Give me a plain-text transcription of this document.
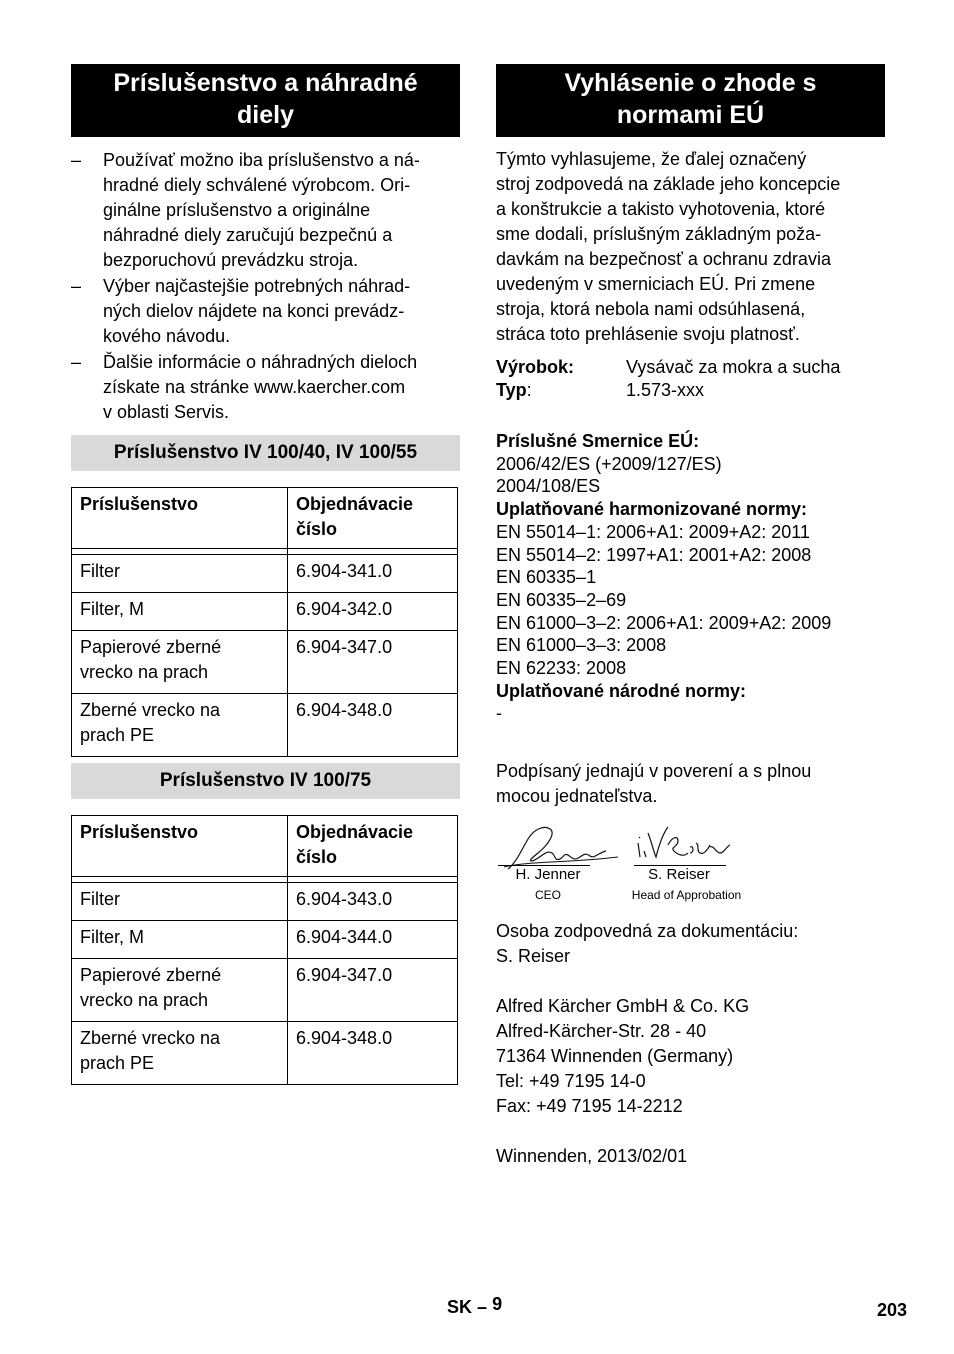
Príslušenstvo a náhradné diely
– Používať možno iba príslušenstvo a ná-
hradné diely schválené výrobcom. Ori-
ginálne príslušenstvo a originálne
náhradné diely zaručujú bezpečnú a
bezporuchovú prevádzku stroja.
– Výber najčastejšie potrebných náhrad-
ných dielov nájdete na konci prevádz-
kového návodu.
– Ďalšie informácie o náhradných dieloch
získate na stránke www.kaercher.com
v oblasti Servis.
Príslušenstvo IV 100/40, IV 100/55
Príslušenstvo	Objednávacie
číslo

Filter	6.904-341.0

Filter, M	6.904-342.0

Papierové zberné
vrecko na prach	6.904-347.0

Zberné vrecko na
prach PE	6.904-348.0
Príslušenstvo IV 100/75
Príslušenstvo	Objednávacie
číslo

Filter	6.904-343.0

Filter, M	6.904-344.0

Papierové zberné
vrecko na prach	6.904-347.0

Zberné vrecko na
prach PE	6.904-348.0
Vyhlásenie o zhode s normami EÚ
Týmto vyhlasujeme, že ďalej označený
stroj zodpovedá na základe jeho koncepcie
a konštrukcie a takisto vyhotovenia, ktoré
sme dodali, príslušným základným poža-
davkám na bezpečnosť a ochranu zdravia
uvedeným v smerniciach EÚ. Pri zmene
stroja, ktorá nebola nami odsúhlasená,
stráca toto prehlásenie svoju platnosť.
Výrobok:	Vysávač za mokra a sucha
Typ:	1.573-xxx
Príslušné Smernice EÚ:
2006/42/ES (+2009/127/ES)
2004/108/ES
Uplatňované harmonizované normy:
EN 55014–1: 2006+A1: 2009+A2: 2011
EN 55014–2: 1997+A1: 2001+A2: 2008
EN 60335–1
EN 60335–2–69
EN 61000–3–2: 2006+A1: 2009+A2: 2009
EN 61000–3–3: 2008
EN 62233: 2008
Uplatňované národné normy:
-
Podpísaný jednajú v poverení a s plnou
mocou jednateľstva.
H. Jenner
CEO
S. Reiser
Head of Approbation
Osoba zodpovedná za dokumentáciu:
S. Reiser
Alfred Kärcher GmbH & Co. KG
Alfred-Kärcher-Str. 28 - 40
71364 Winnenden (Germany)
Tel: +49 7195 14-0
Fax: +49 7195 14-2212
Winnenden, 2013/02/01
SK – 9	203
